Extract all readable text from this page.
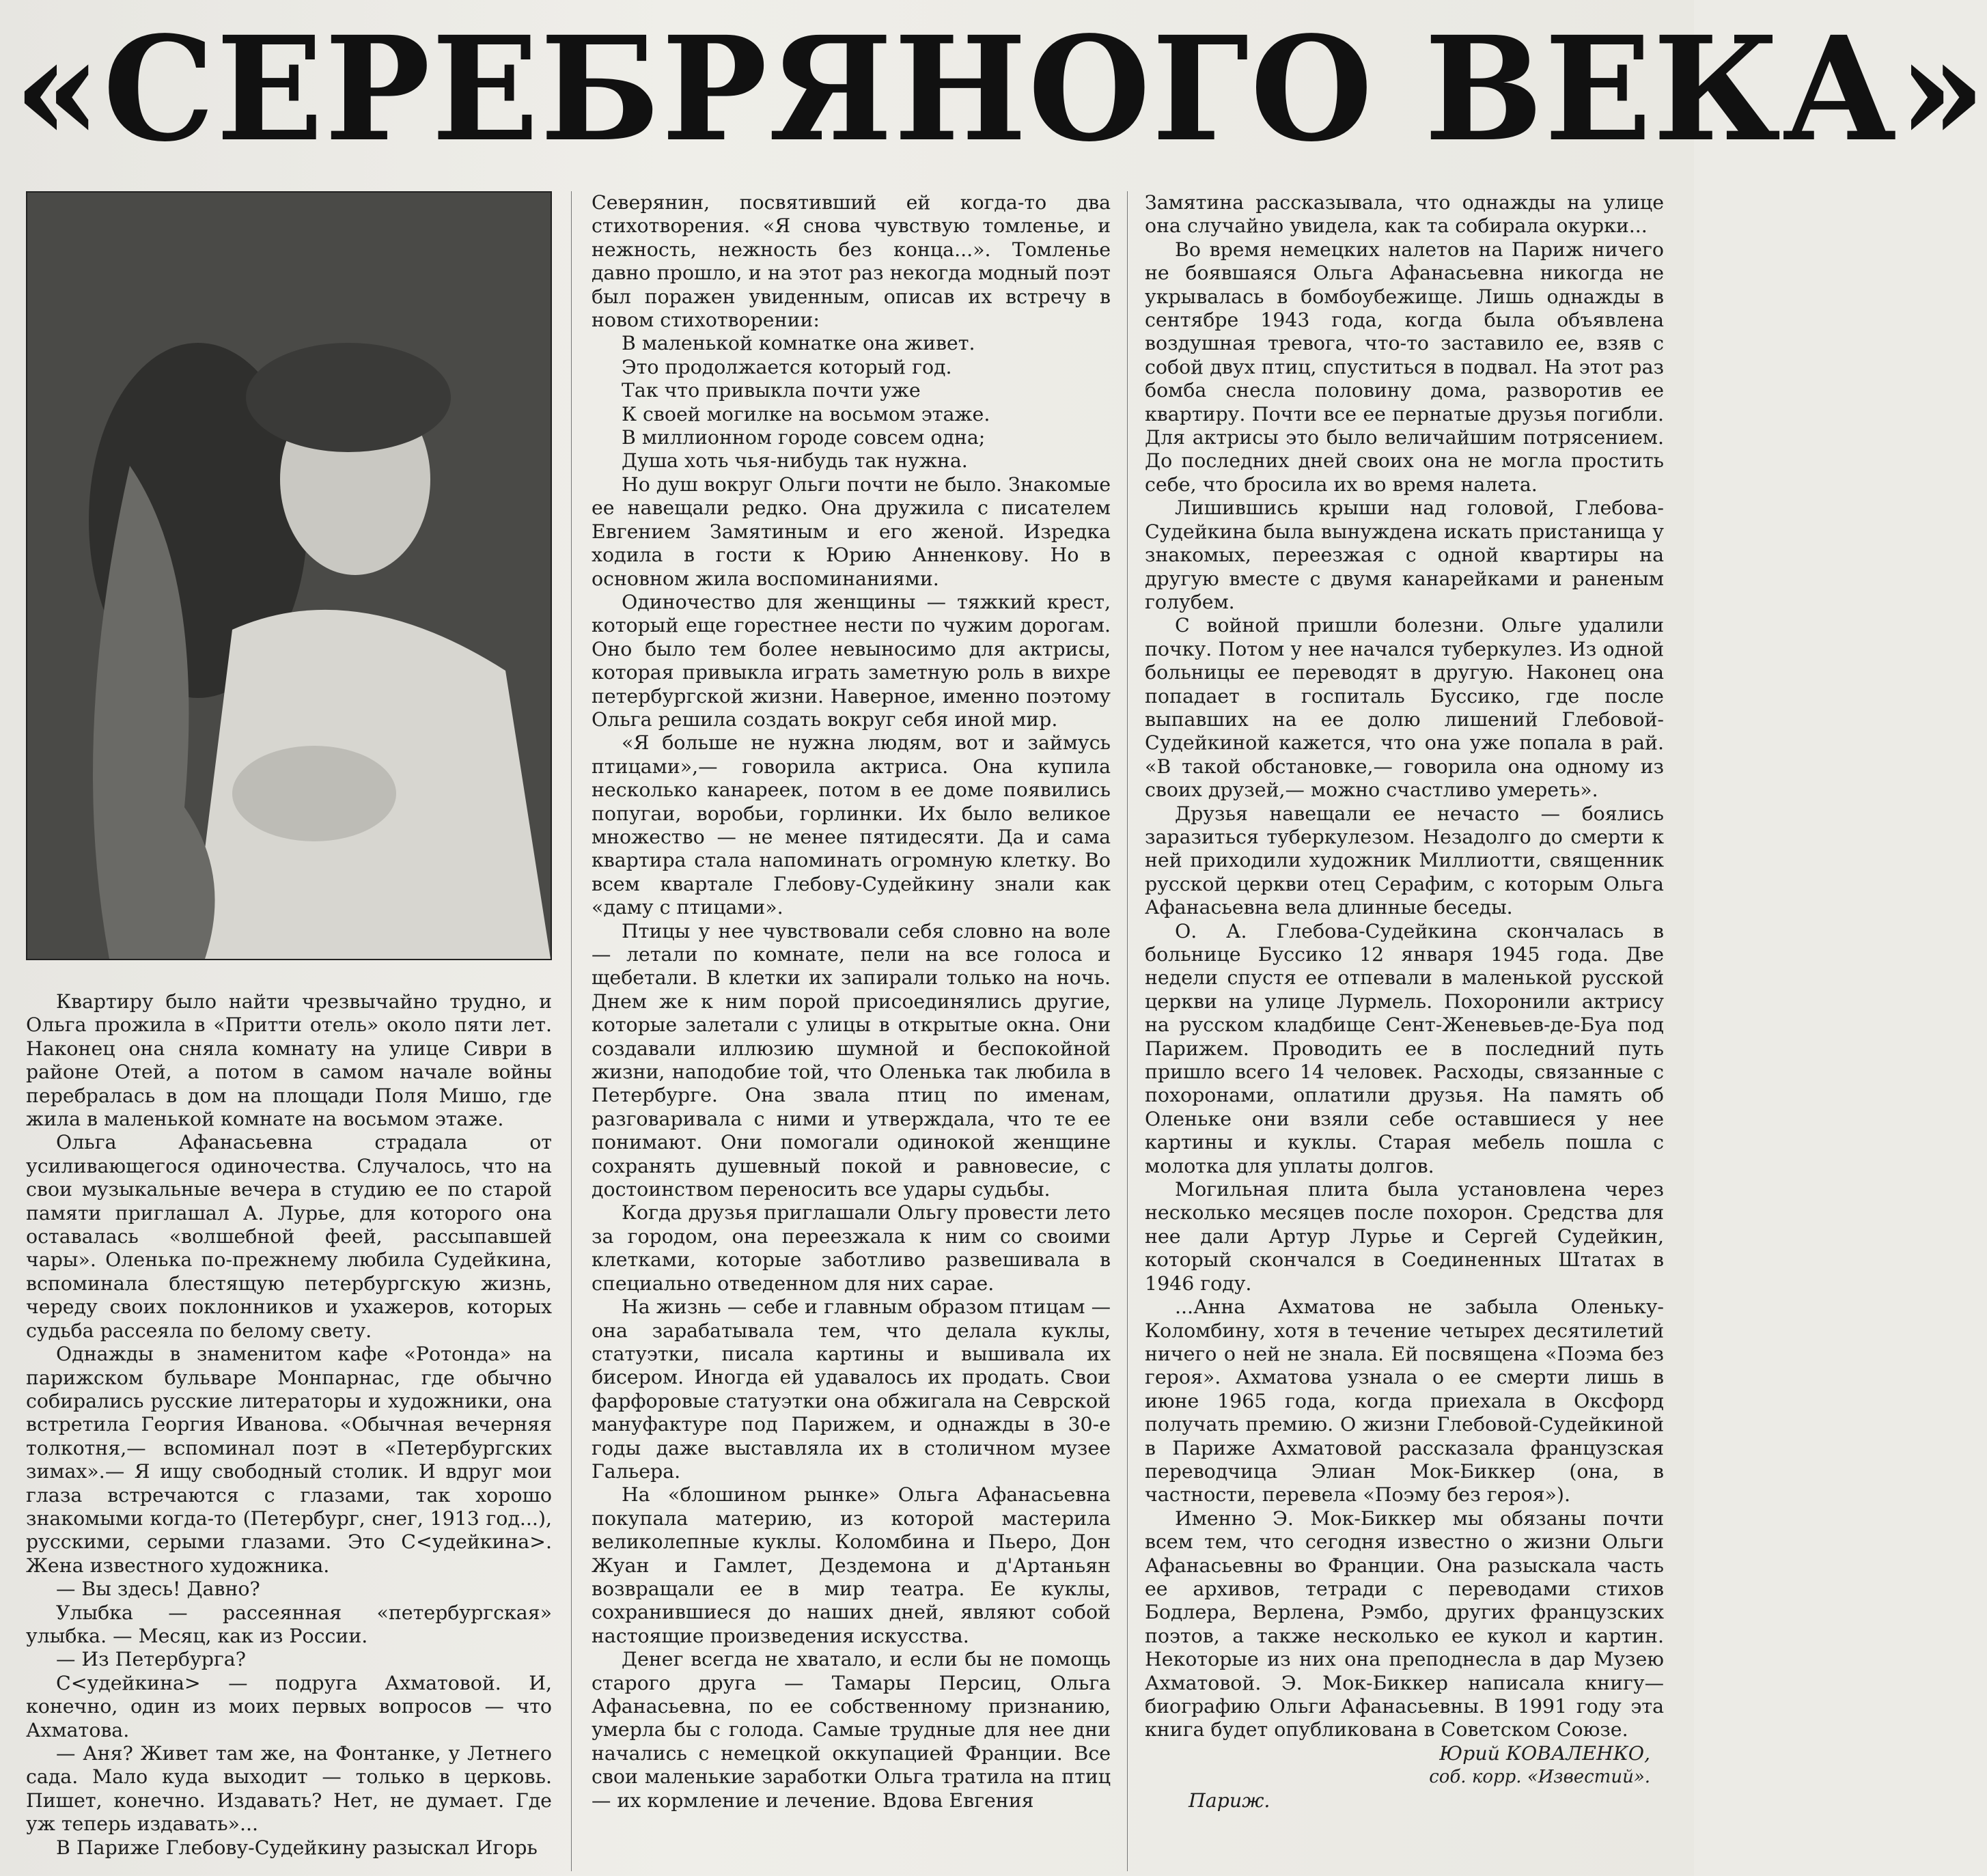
«СЕРЕБРЯНОГО ВЕКА»

Квартиру было найти чрезвычайно трудно, и Ольга прожила в «Притти отель» около пяти лет. Наконец она сняла комнату на улице Сиври в районе Отей, а потом в самом начале войны перебралась в дом на площади Поля Мишо, где жила в маленькой комнате на восьмом этаже.

Ольга Афанасьевна страдала от усиливающегося одиночества. Случалось, что на свои музыкальные вечера в студию ее по старой памяти приглашал А. Лурье, для которого она оставалась «волшебной феей, рассыпавшей чары». Оленька по-прежнему любила Судейкина, вспоминала блестящую петербургскую жизнь, череду своих поклонников и ухажеров, которых судьба рассеяла по белому свету.

Однажды в знаменитом кафе «Ротонда» на парижском бульваре Монпарнас, где обычно собирались русские литераторы и художники, она встретила Георгия Иванова. «Обычная вечерняя толкотня,— вспоминал поэт в «Петербургских зимах».— Я ищу свободный столик. И вдруг мои глаза встречаются с глазами, так хорошо знакомыми когда-то (Петербург, снег, 1913 год...), русскими, серыми глазами. Это С<удейкина>. Жена известного художника.

— Вы здесь! Давно?

Улыбка — рассеянная «петербургская» улыбка. — Месяц, как из России.

— Из Петербурга?

С<удейкина> — подруга Ахматовой. И, конечно, один из моих первых вопросов — что Ахматова.

— Аня? Живет там же, на Фонтанке, у Летнего сада. Мало куда выходит — только в церковь. Пишет, конечно. Издавать? Нет, не думает. Где уж теперь издавать»...

В Париже Глебову-Судейкину разыскал Игорь

Северянин, посвятивший ей когда-то два стихотворения. «Я снова чувствую томленье, и нежность, нежность без конца...». Томленье давно прошло, и на этот раз некогда модный поэт был поражен увиденным, описав их встречу в новом стихотворении:

В маленькой комнатке она живет.

Это продолжается который год.

Так что привыкла почти уже

К своей могилке на восьмом этаже.

В миллионном городе совсем одна;

Душа хоть чья-нибудь так нужна.

Но душ вокруг Ольги почти не было. Знакомые ее навещали редко. Она дружила с писателем Евгением Замятиным и его женой. Изредка ходила в гости к Юрию Анненкову. Но в основном жила воспоминаниями.

Одиночество для женщины — тяжкий крест, который еще горестнее нести по чужим дорогам. Оно было тем более невыносимо для актрисы, которая привыкла играть заметную роль в вихре петербургской жизни. Наверное, именно поэтому Ольга решила создать вокруг себя иной мир.

«Я больше не нужна людям, вот и займусь птицами»,— говорила актриса. Она купила несколько канареек, потом в ее доме появились попугаи, воробьи, горлинки. Их было великое множество — не менее пятидесяти. Да и сама квартира стала напоминать огромную клетку. Во всем квартале Глебову-Судейкину знали как «даму с птицами».

Птицы у нее чувствовали себя словно на воле — летали по комнате, пели на все голоса и щебетали. В клетки их запирали только на ночь. Днем же к ним порой присоединялись другие, которые залетали с улицы в открытые окна. Они создавали иллюзию шумной и беспокойной жизни, наподобие той, что Оленька так любила в Петербурге. Она звала птиц по именам, разговаривала с ними и утверждала, что те ее понимают. Они помогали одинокой женщине сохранять душевный покой и равновесие, с достоинством переносить все удары судьбы.

Когда друзья приглашали Ольгу провести лето за городом, она переезжала к ним со своими клетками, которые заботливо развешивала в специально отведенном для них сарае.

На жизнь — себе и главным образом птицам — она зарабатывала тем, что делала куклы, статуэтки, писала картины и вышивала их бисером. Иногда ей удавалось их продать. Свои фарфоровые статуэтки она обжигала на Севрской мануфактуре под Парижем, и однажды в 30-е годы даже выставляла их в столичном музее Гальера.

На «блошином рынке» Ольга Афанасьевна покупала материю, из которой мастерила великолепные куклы. Коломбина и Пьеро, Дон Жуан и Гамлет, Дездемона и д'Артаньян возвращали ее в мир театра. Ее куклы, сохранившиеся до наших дней, являют собой настоящие произведения искусства.

Денег всегда не хватало, и если бы не помощь старого друга — Тамары Персиц, Ольга Афанасьевна, по ее собственному признанию, умерла бы с голода. Самые трудные для нее дни начались с немецкой оккупацией Франции. Все свои маленькие заработки Ольга тратила на птиц — их кормление и лечение. Вдова Евгения

Замятина рассказывала, что однажды на улице она случайно увидела, как та собирала окурки...

Во время немецких налетов на Париж ничего не боявшаяся Ольга Афанасьевна никогда не укрывалась в бомбоубежище. Лишь однажды в сентябре 1943 года, когда была объявлена воздушная тревога, что-то заставило ее, взяв с собой двух птиц, спуститься в подвал. На этот раз бомба снесла половину дома, разворотив ее квартиру. Почти все ее пернатые друзья погибли. Для актрисы это было величайшим потрясением. До последних дней своих она не могла простить себе, что бросила их во время налета.

Лишившись крыши над головой, Глебова-Судейкина была вынуждена искать пристанища у знакомых, переезжая с одной квартиры на другую вместе с двумя канарейками и раненым голубем.

С войной пришли болезни. Ольге удалили почку. Потом у нее начался туберкулез. Из одной больницы ее переводят в другую. Наконец она попадает в госпиталь Буссико, где после выпавших на ее долю лишений Глебовой-Судейкиной кажется, что она уже попала в рай. «В такой обстановке,— говорила она одному из своих друзей,— можно счастливо умереть».

Друзья навещали ее нечасто — боялись заразиться туберкулезом. Незадолго до смерти к ней приходили художник Миллиотти, священник русской церкви отец Серафим, с которым Ольга Афанасьевна вела длинные беседы.

О. А. Глебова-Судейкина скончалась в больнице Буссико 12 января 1945 года. Две недели спустя ее отпевали в маленькой русской церкви на улице Лурмель. Похоронили актрису на русском кладбище Сент-Женевьев-де-Буа под Парижем. Проводить ее в последний путь пришло всего 14 человек. Расходы, связанные с похоронами, оплатили друзья. На память об Оленьке они взяли себе оставшиеся у нее картины и куклы. Старая мебель пошла с молотка для уплаты долгов.

Могильная плита была установлена через несколько месяцев после похорон. Средства для нее дали Артур Лурье и Сергей Судейкин, который скончался в Соединенных Штатах в 1946 году.

...Анна Ахматова не забыла Оленьку-Коломбину, хотя в течение четырех десятилетий ничего о ней не знала. Ей посвящена «Поэма без героя». Ахматова узнала о ее смерти лишь в июне 1965 года, когда приехала в Оксфорд получать премию. О жизни Глебовой-Судейкиной в Париже Ахматовой рассказала французская переводчица Элиан Мок-Биккер (она, в частности, перевела «Поэму без героя»).

Именно Э. Мок-Биккер мы обязаны почти всем тем, что сегодня известно о жизни Ольги Афанасьевны во Франции. Она разыскала часть ее архивов, тетради с переводами стихов Бодлера, Верлена, Рэмбо, других французских поэтов, а также несколько ее кукол и картин. Некоторые из них она преподнесла в дар Музею Ахматовой. Э. Мок-Биккер написала книгу—биографию Ольги Афанасьевны. В 1991 году эта книга будет опубликована в Советском Союзе.

Юрий КОВАЛЕНКО,

соб. корр. «Известий».

Париж.
